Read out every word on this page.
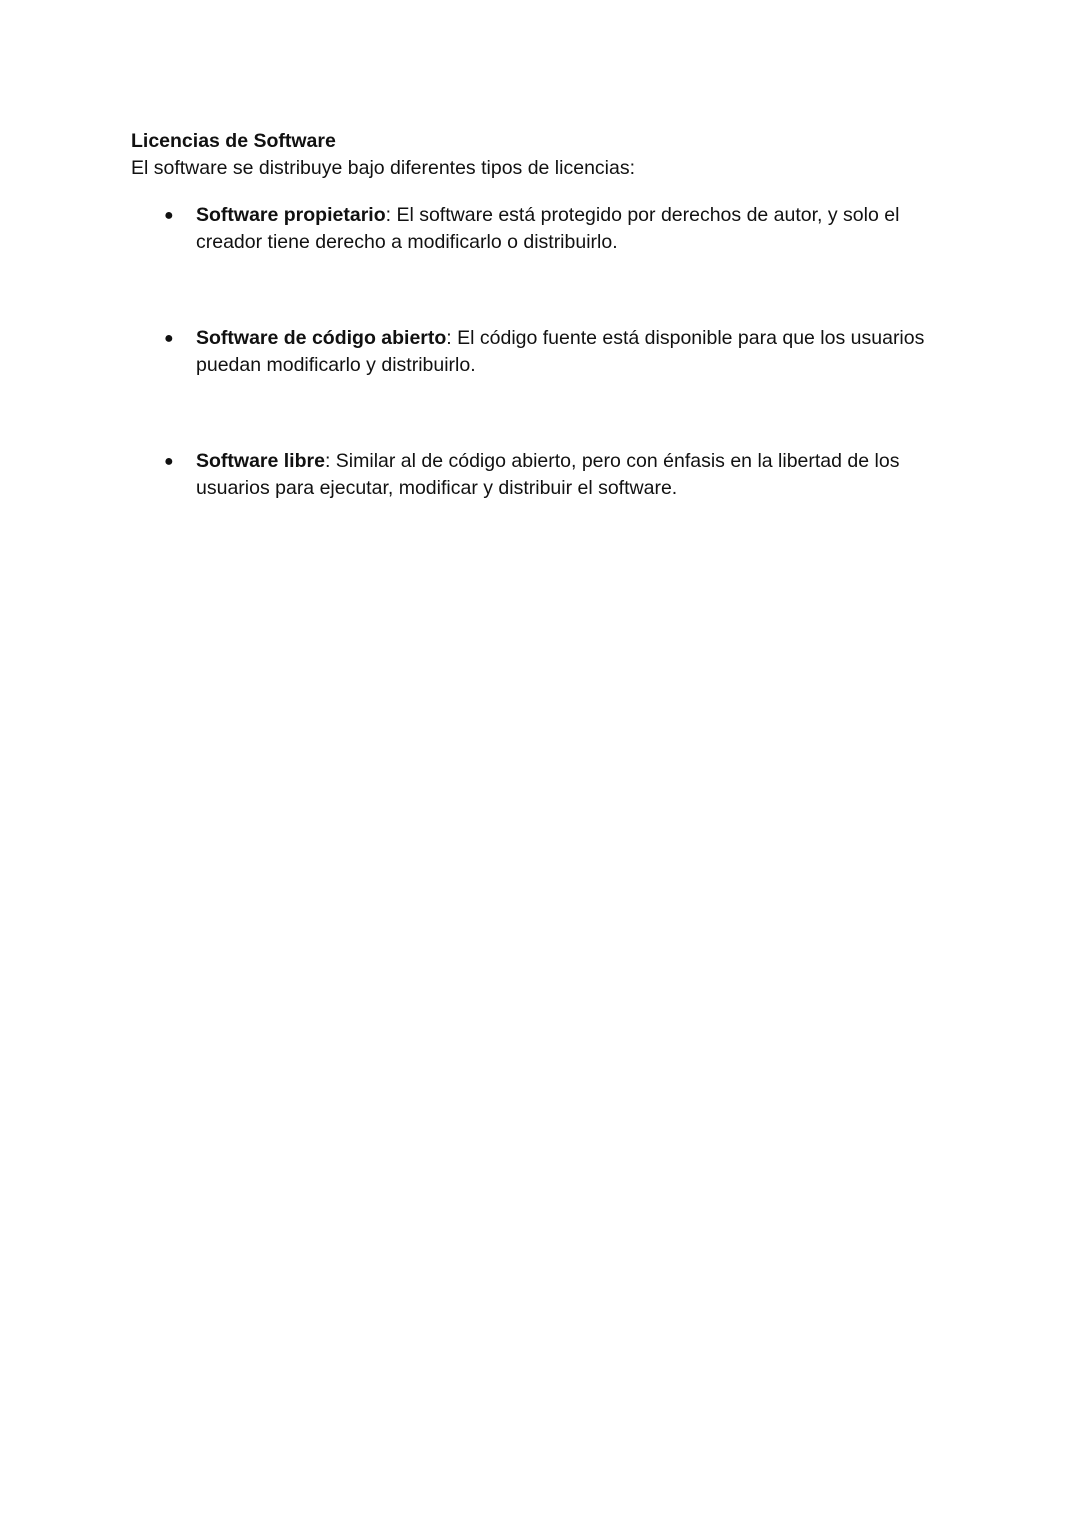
Licencias de Software

El software se distribuye bajo diferentes tipos de licencias:

● Software propietario: El software está protegido por derechos de autor, y solo el creador tiene derecho a modificarlo o distribuirlo.
● Software de código abierto: El código fuente está disponible para que los usuarios puedan modificarlo y distribuirlo.
● Software libre: Similar al de código abierto, pero con énfasis en la libertad de los usuarios para ejecutar, modificar y distribuir el software.
